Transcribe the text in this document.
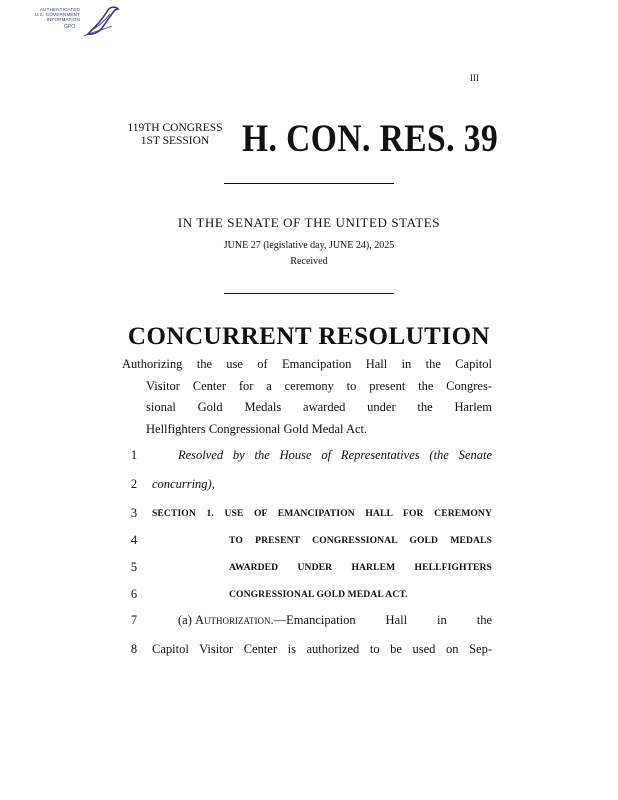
AUTHENTICATED
U.S. GOVERNMENT
INFORMATION
GPO
III
119TH CONGRESS
1ST SESSION H. CON. RES. 39
IN THE SENATE OF THE UNITED STATES
JUNE 27 (legislative day, JUNE 24), 2025
Received
CONCURRENT RESOLUTION
Authorizing the use of Emancipation Hall in the Capitol
Visitor Center for a ceremony to present the Congres-
sional Gold Medals awarded under the Harlem
Hellfighters Congressional Gold Medal Act.
1	Resolved by the House of Representatives (the Senate
2 concurring),
3 SECTION 1. USE OF EMANCIPATION HALL FOR CEREMONY
4	TO PRESENT CONGRESSIONAL GOLD MEDALS
5	AWARDED UNDER HARLEM HELLFIGHTERS
6	CONGRESSIONAL GOLD MEDAL ACT.
7	(a) Authorization .—Emancipation Hall in the
8 Capitol Visitor Center is authorized to be used on Sep-
